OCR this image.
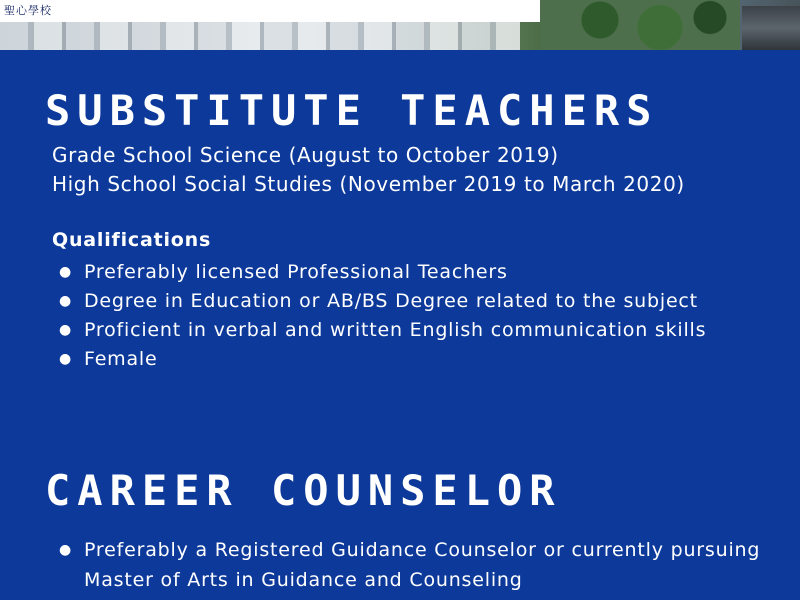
聖心學校
SUBSTITUTE TEACHERS
Grade School Science (August to October 2019)
High School Social Studies (November 2019 to March 2020)
Qualifications
● Preferably licensed Professional Teachers
● Degree in Education or AB/BS Degree related to the subject
● Proficient in verbal and written English communication skills
● Female
CAREER COUNSELOR
● Preferably a Registered Guidance Counselor or currently pursuing Master of Arts in Guidance and Counseling
